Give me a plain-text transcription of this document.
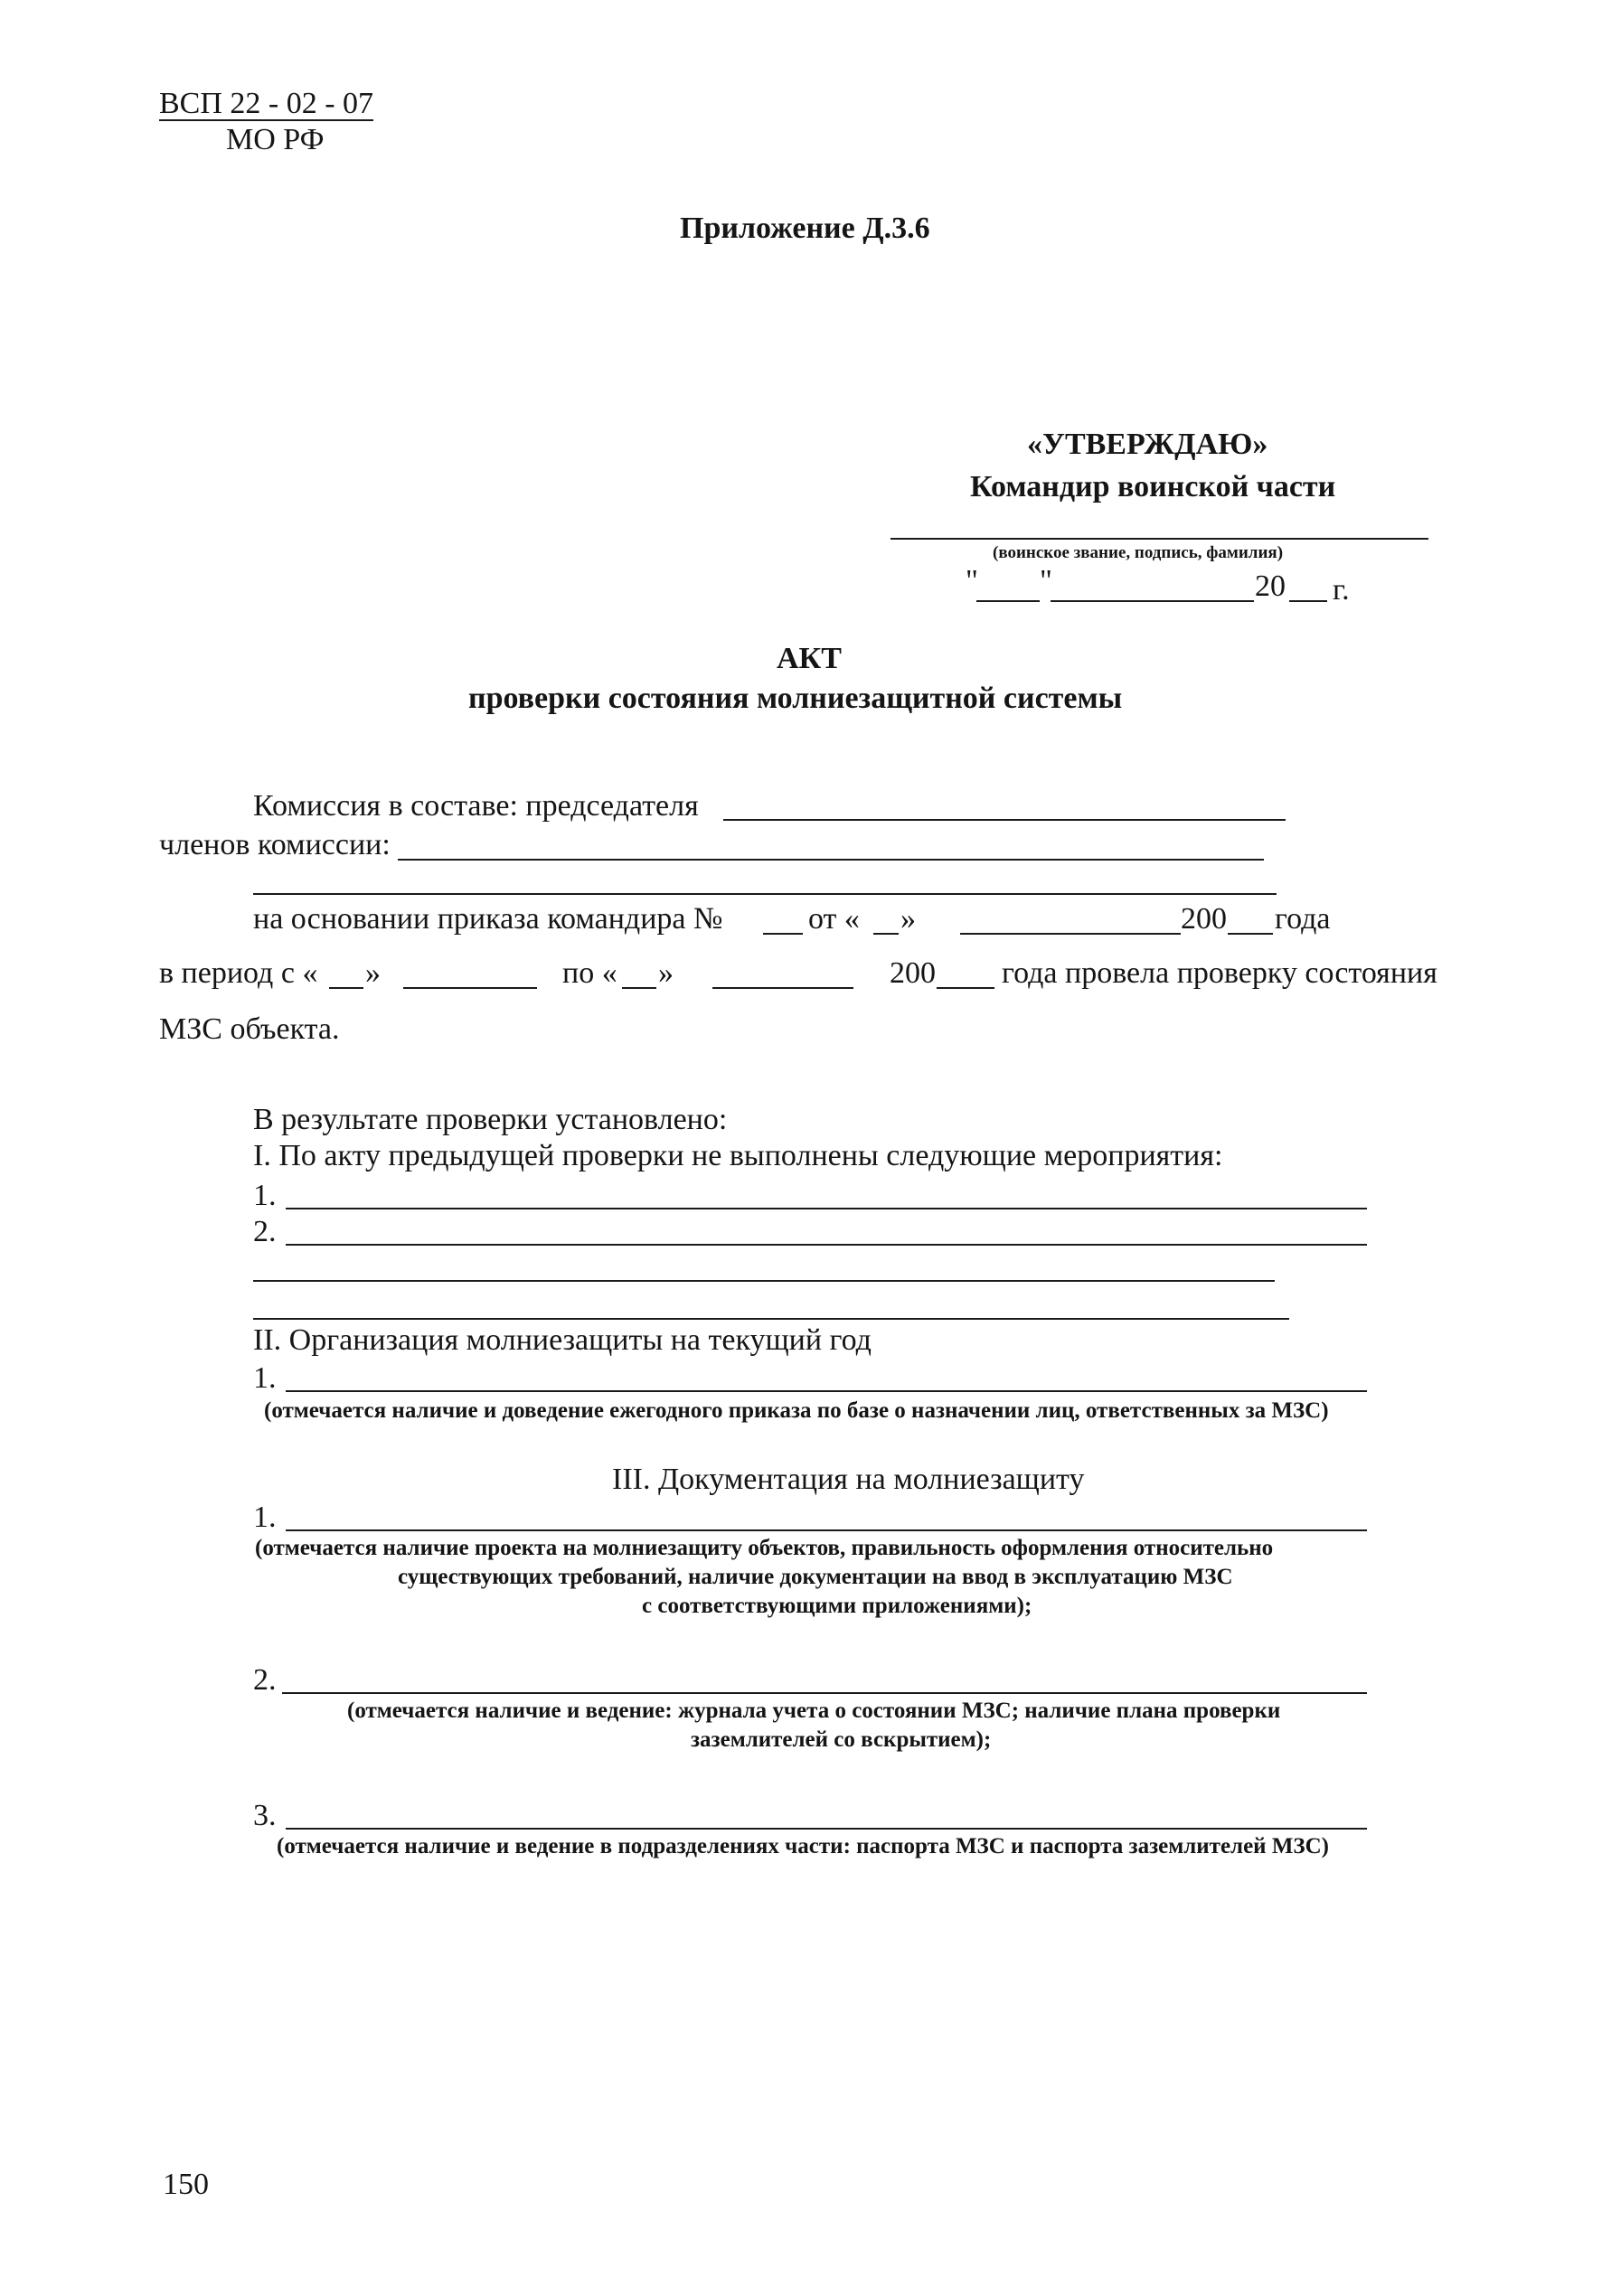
ВСП 22 - 02 - 07
МО РФ
Приложение Д.3.6
«УТВЕРЖДАЮ»
Командир воинской части
(воинское звание, подпись, фамилия)
" "	20 г.
АКТ
проверки состояния молниезащитной системы
Комиссия в составе: председателя
членов комиссии:
на основании приказа командира №	от « »	200 года
в период с « »	по « »	200 года провела проверку состояния
МЗС объекта.
В результате проверки установлено:
I. По акту предыдущей проверки не выполнены следующие мероприятия:
1.
2.
II. Организация молниезащиты на текущий год
1.
(отмечается наличие и доведение ежегодного приказа по базе о назначении лиц, ответственных за МЗС)
III. Документация на молниезащиту
1.
(отмечается наличие проекта на молниезащиту объектов, правильность оформления относительно
существующих требований, наличие документации на ввод в эксплуатацию МЗС
с соответствующими приложениями);
2.
(отмечается наличие и ведение: журнала учета о состоянии МЗС; наличие плана проверки
заземлителей со вскрытием);
3.
(отмечается наличие и ведение в подразделениях части: паспорта МЗС и паспорта заземлителей МЗС)
150
